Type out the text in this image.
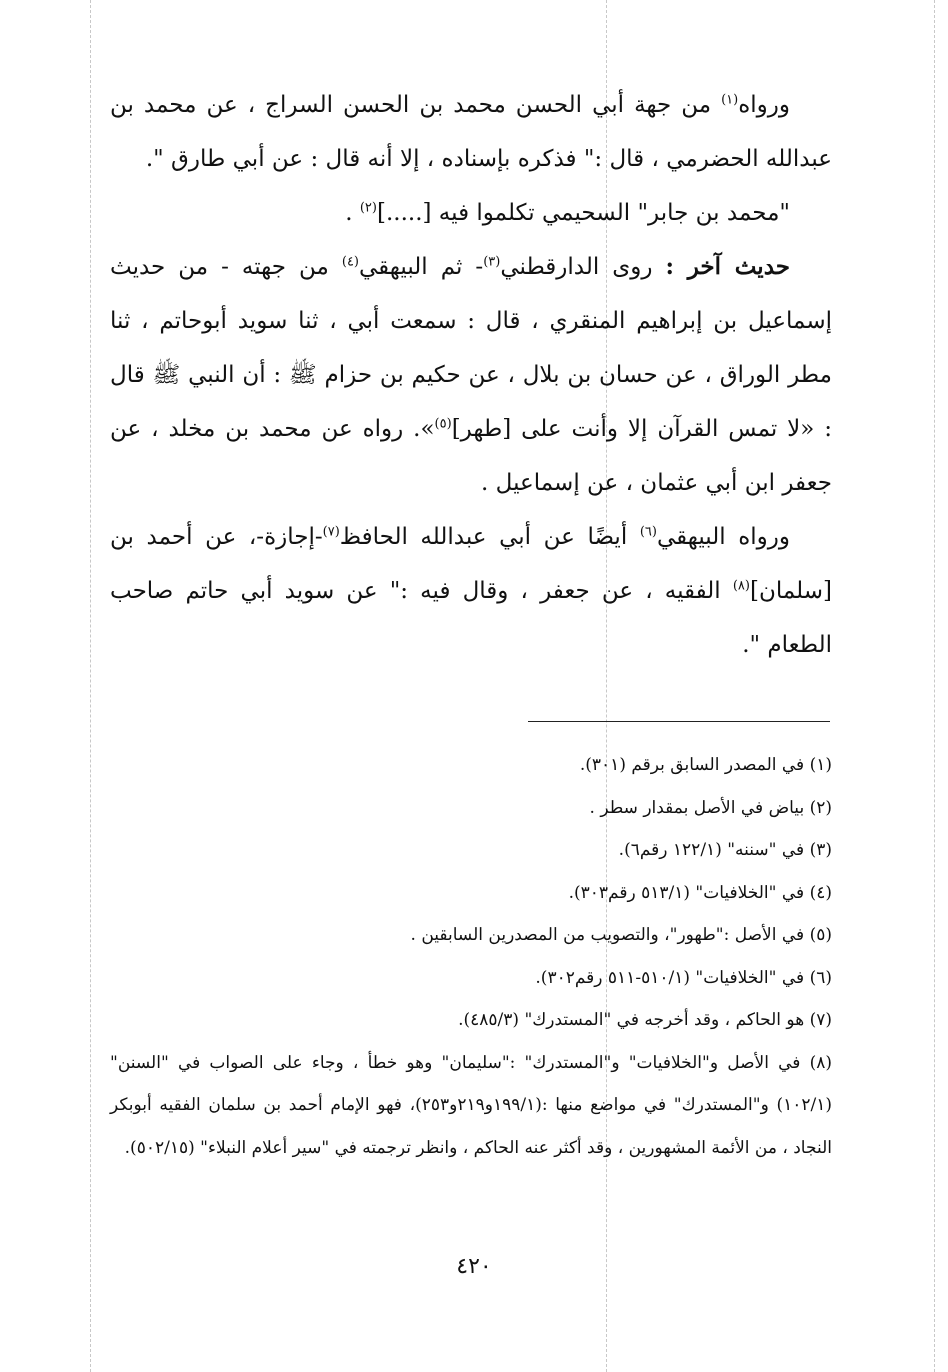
ورواه$^{(١)}$ من جهة أبي الحسن محمد بن الحسن السراج ، عن محمد بن عبدالله الحضرمي ، قال :" فذكره بإسناده ، إلا أنه قال : عن أبي طارق ".

"محمد بن جابر" السحيمي تكلموا فيه [.....]$^{(٢)}$ .

حديث آخر : روى الدارقطني$^{(٣)}$- ثم البيهقي$^{(٤)}$ من جهته - من حديث إسماعيل بن إبراهيم المنقري ، قال : سمعت أبي ، ثنا سويد أبوحاتم ، ثنا مطر الوراق ، عن حسان بن بلال ، عن حكيم بن حزام ﷺ : أن النبي ﷺ قال : «لا تمس القرآن إلا وأنت على [طهر]$^{(٥)}$». رواه عن محمد بن مخلد ، عن جعفر ابن أبي عثمان ، عن إسماعيل .

ورواه البيهقي$^{(٦)}$ أيضًا عن أبي عبدالله الحافظ$^{(٧)}$-إجازة-، عن أحمد بن [سلمان]$^{(٨)}$ الفقيه ، عن جعفر ، وقال فيه :" عن سويد أبي حاتم صاحب الطعام ".

(١) في المصدر السابق برقم (٣٠١).

(٢) بياض في الأصل بمقدار سطر .

(٣) في "سننه" (١٢٢/١ رقم٦).

(٤) في "الخلافيات" (٥١٣/١ رقم٣٠٣).

(٥) في الأصل :"طهور"، والتصويب من المصدرين السابقين .

(٦) في "الخلافيات" (٥١٠/١-٥١١ رقم٣٠٢).

(٧) هو الحاكم ، وقد أخرجه في "المستدرك" (٤٨٥/٣).

(٨) في الأصل و"الخلافيات" و"المستدرك" :"سليمان" وهو خطأ ، وجاء على الصواب في "السنن" (١٠٢/١) و"المستدرك" في مواضع منها :(١٩٩/١و٢١٩و٢٥٣)، فهو الإمام أحمد بن سلمان الفقيه أبوبكر النجاد ، من الأئمة المشهورين ، وقد أكثر عنه الحاكم ، وانظر ترجمته في "سير أعلام النبلاء" (٥٠٢/١٥).

٤٢٠
